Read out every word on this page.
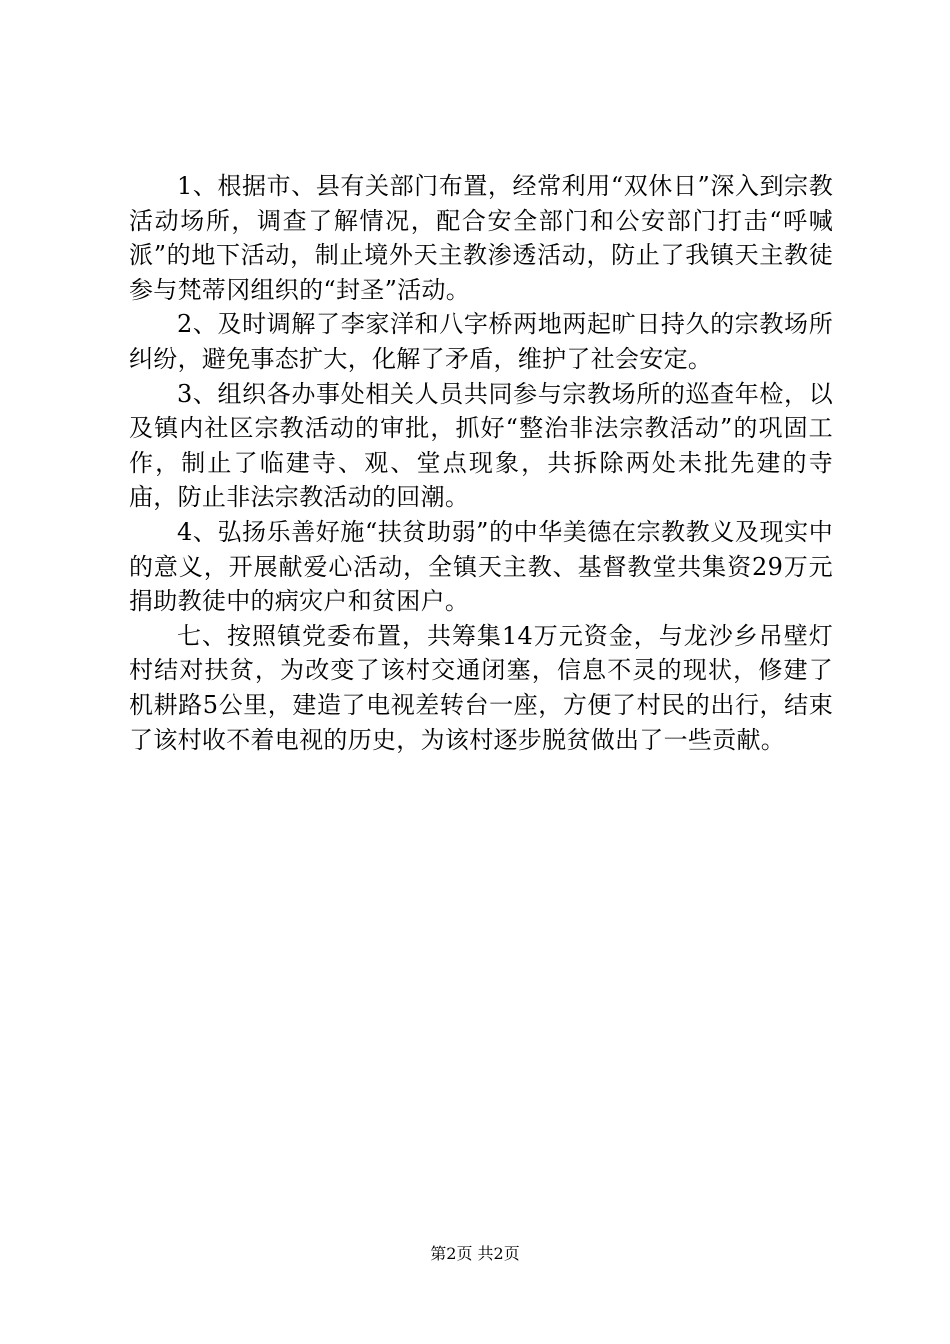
1、根据市、县有关部门布置，经常利用“双休日”深入到宗教活动场所，调查了解情况，配合安全部门和公安部门打击“呼喊派”的地下活动，制止境外天主教渗透活动，防止了我镇天主教徒参与梵蒂冈组织的“封圣”活动。

2、及时调解了李家洋和八字桥两地两起旷日持久的宗教场所纠纷，避免事态扩大，化解了矛盾，维护了社会安定。

3、组织各办事处相关人员共同参与宗教场所的巡查年检，以及镇内社区宗教活动的审批，抓好“整治非法宗教活动”的巩固工作，制止了临建寺、观、堂点现象，共拆除两处未批先建的寺庙，防止非法宗教活动的回潮。

4、弘扬乐善好施“扶贫助弱”的中华美德在宗教教义及现实中的意义，开展献爱心活动，全镇天主教、基督教堂共集资29万元捐助教徒中的病灾户和贫困户。

七、按照镇党委布置，共筹集14万元资金，与龙沙乡吊壁灯村结对扶贫，为改变了该村交通闭塞，信息不灵的现状，修建了机耕路5公里，建造了电视差转台一座，方便了村民的出行，结束了该村收不着电视的历史，为该村逐步脱贫做出了一些贡献。

第2页 共2页
